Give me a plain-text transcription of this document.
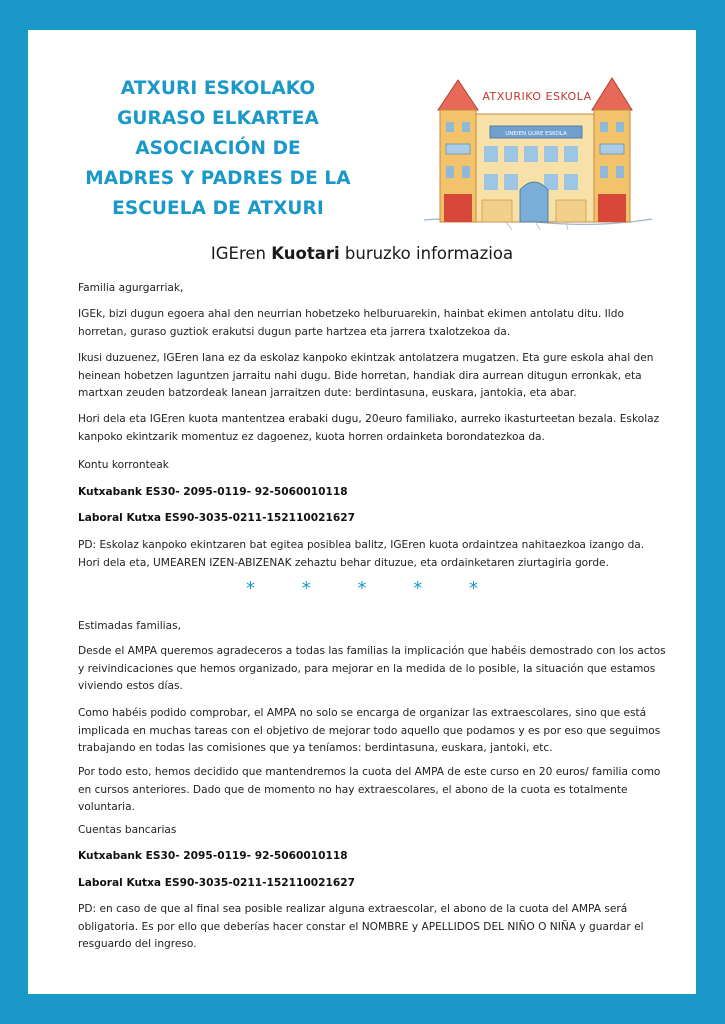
ATXURI ESKOLAKO
GURASO ELKARTEA
ASOCIACIÓN DE
MADRES Y PADRES DE LA
ESCUELA DE ATXURI
ATXURIKO ESKOLA
UNEIEN GURE ESKOLA
IGEren Kuotari buruzko informazioa
Familia agurgarriak,
IGEk, bizi dugun egoera ahal den neurrian hobetzeko helburuarekin, hainbat ekimen antolatu ditu. Ildo horretan, guraso guztiok erakutsi dugun parte hartzea eta jarrera txalotzekoa da.
Ikusi duzuenez, IGEren lana ez da eskolaz kanpoko ekintzak antolatzera mugatzen. Eta gure eskola ahal den heinean hobetzen laguntzen jarraitu nahi dugu. Bide horretan, handiak dira aurrean ditugun erronkak, eta martxan zeuden batzordeak lanean jarraitzen dute: berdintasuna, euskara, jantokia, eta abar.
Hori dela eta IGEren kuota mantentzea erabaki dugu, 20euro familiako, aurreko ikasturteetan bezala. Eskolaz kanpoko ekintzarik momentuz ez dagoenez, kuota horren ordainketa borondatezkoa da.
Kontu korronteak
Kutxabank ES30- 2095-0119- 92-5060010118
Laboral Kutxa ES90-3035-0211-152110021627
PD: Eskolaz kanpoko ekintzaren bat egitea posiblea balitz, IGEren kuota ordaintzea nahitaezkoa izango da. Hori dela eta, UMEAREN IZEN-ABIZENAK zehaztu behar dituzue, eta ordainketaren ziurtagiria gorde.
*	*	*	*	*
Estimadas familias,
Desde el AMPA queremos agradeceros a todas las familias la implicación que habéis demostrado con los actos y reivindicaciones que hemos organizado, para mejorar en la medida de lo posible, la situación que estamos viviendo estos días.
Como habéis podido comprobar, el AMPA no solo se encarga de organizar las extraescolares, sino que está implicada en muchas tareas con el objetivo de mejorar todo aquello que podamos y es por eso que seguimos trabajando en todas las comisiones que ya teníamos: berdintasuna, euskara, jantoki, etc.
Por todo esto, hemos decidido que mantendremos la cuota del AMPA de este curso en 20 euros/ familia como en cursos anteriores. Dado que de momento no hay extraescolares, el abono de la cuota es totalmente voluntaria.
Cuentas bancarias
Kutxabank ES30- 2095-0119- 92-5060010118
Laboral Kutxa ES90-3035-0211-152110021627
PD: en caso de que al final sea posible realizar alguna extraescolar, el abono de la cuota del AMPA será obligatoria. Es por ello que deberías hacer constar el NOMBRE y APELLIDOS DEL NIÑO O NIÑA y guardar el resguardo del ingreso.
